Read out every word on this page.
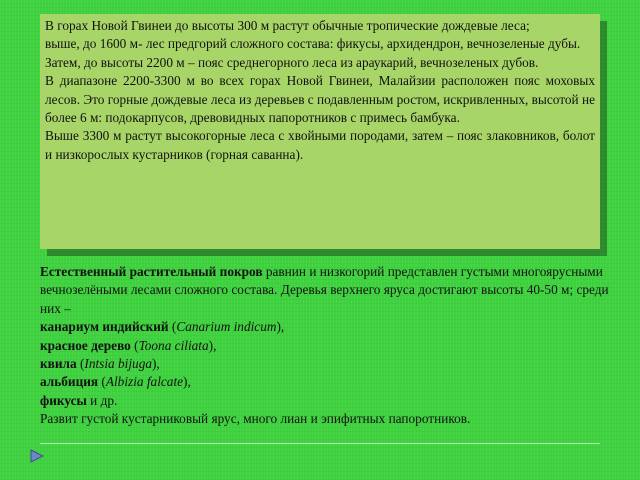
В горах Новой Гвинеи до высоты 300 м растут обычные тропические дождевые леса;

выше, до 1600 м- лес предгорий сложного состава: фикусы, архидендрон, вечнозеленые дубы.

Затем, до высоты 2200 м – пояс среднегорного леса из араукарий, вечнозеленых дубов.

В диапазоне 2200-3300 м во всех горах Новой Гвинеи, Малайзии расположен пояс моховых лесов. Это горные дождевые леса из деревьев с подавленным ростом, искривленных, высотой не более 6 м: подокарпусов, древовидных папоротников с примесь бамбука.

Выше 3300 м растут высокогорные леса с хвойными породами, затем – пояс злаковников, болот и низкорослых кустарников (горная саванна).

Естественный растительный покров равнин и низкогорий представлен густыми многоярусными вечнозелёными лесами сложного состава. Деревья верхнего яруса достигают высоты 40-50 м; среди них –

канариум индийский (Canarium indicum),

красное дерево (Toona ciliata),

квила (Intsia bijuga),

альбиция (Albizia falcate),

фикусы и др.

Развит густой кустарниковый ярус, много лиан и эпифитных папоротников.
